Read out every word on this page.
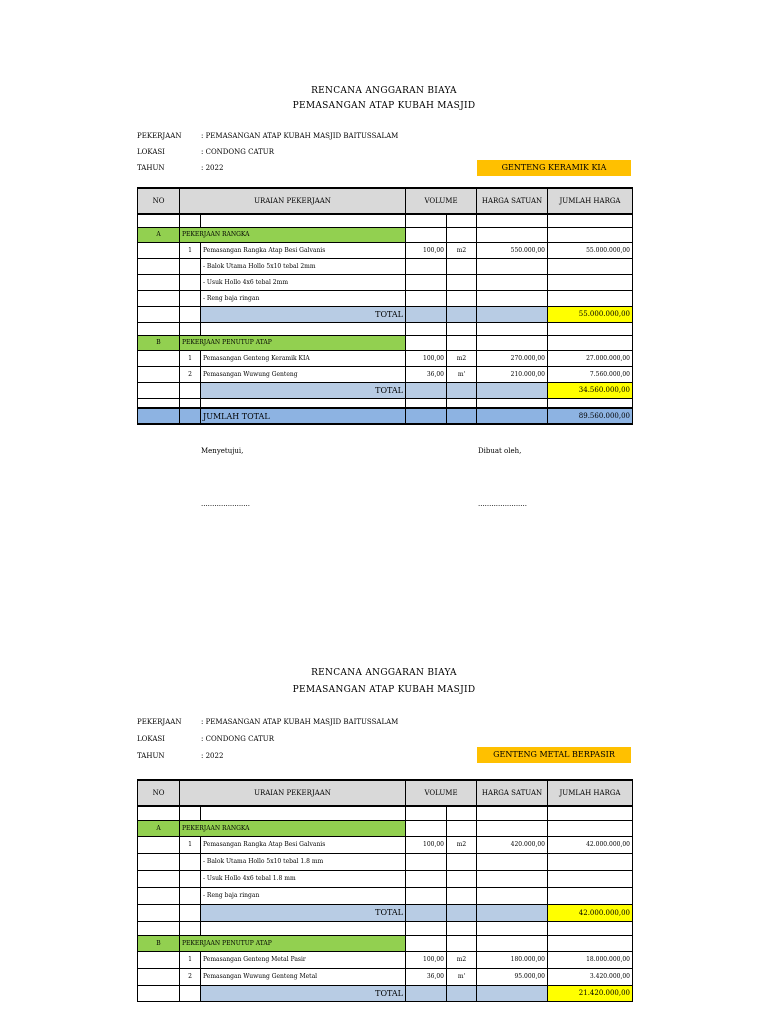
RENCANA ANGGARAN BIAYA
PEMASANGAN ATAP KUBAH MASJID
PEKERJAAN	: PEMASANGAN ATAP KUBAH MASJID BAITUSSALAM
LOKASI	: CONDONG CATUR
TAHUN	: 2022	GENTENG KERAMIK KIA
NO	URAIAN PEKERJAAN		VOLUME		HARGA SATUAN	JUMLAH HARGA

A	PEKERJAAN RANGKA					
	1	Pemasangan Rangka Atap Besi Galvanis	100,00	m2	550.000,00	55.000.000,00
		- Balok Utama Hollo 5x10 tebal 2mm				
		- Usuk Hollo 4x6 tebal 2mm				
		- Reng baja ringan				
		TOTAL				55.000.000,00

B	PEKERJAAN PENUTUP ATAP					
	1	Pemasangan Genteng Keramik KIA	100,00	m2	270.000,00	27.000.000,00
	2	Pemasangan Wuwung Genteng	36,00	m'	210.000,00	7.560.000,00
		TOTAL				34.560.000,00

		JUMLAH TOTAL				89.560.000,00
Menyetujui,	Dibuat oleh,
......................	......................
RENCANA ANGGARAN BIAYA
PEMASANGAN ATAP KUBAH MASJID
PEKERJAAN	: PEMASANGAN ATAP KUBAH MASJID BAITUSSALAM
LOKASI	: CONDONG CATUR
TAHUN	: 2022	GENTENG METAL BERPASIR
NO	URAIAN PEKERJAAN		VOLUME		HARGA SATUAN	JUMLAH HARGA

A	PEKERJAAN RANGKA					
	1	Pemasangan Rangka Atap Besi Galvanis	100,00	m2	420.000,00	42.000.000,00
		- Balok Utama Hollo 5x10 tebal 1.8 mm				
		- Usuk Hollo 4x6 tebal 1.8 mm				
		- Reng baja ringan				
		TOTAL				42.000.000,00

B	PEKERJAAN PENUTUP ATAP					
	1	Pemasangan Genteng Metal Pasir	100,00	m2	180.000,00	18.000.000,00
	2	Pemasangan Wuwung Genteng Metal	36,00	m'	95.000,00	3.420.000,00
		TOTAL				21.420.000,00
